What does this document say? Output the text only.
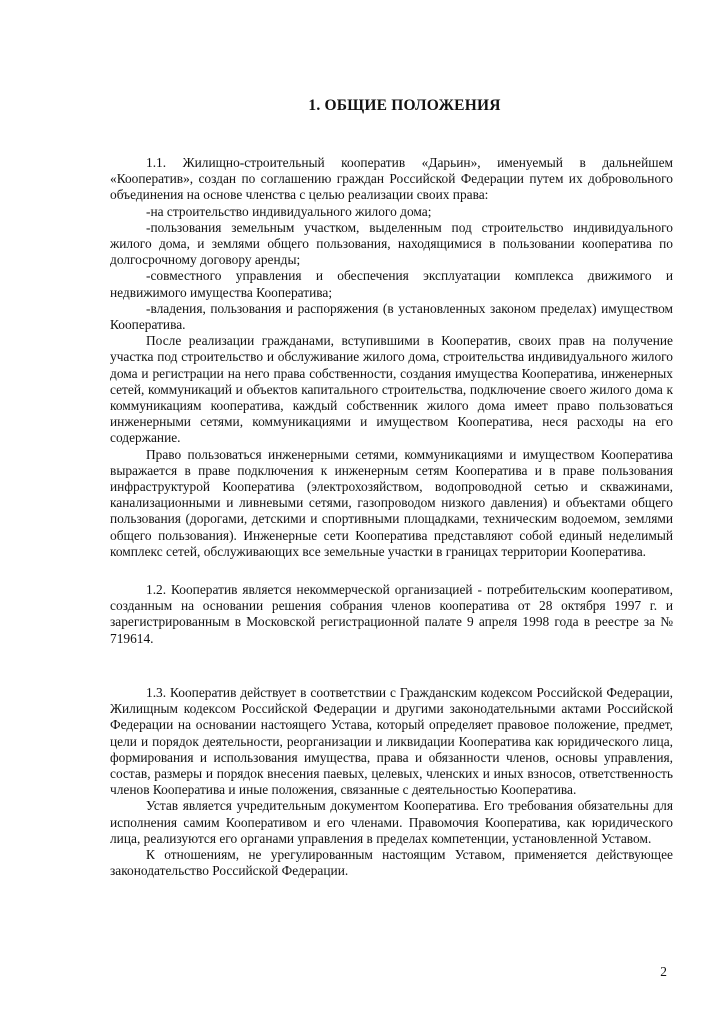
1. ОБЩИЕ ПОЛОЖЕНИЯ

1.1. Жилищно-строительный кооператив «Дарьин», именуемый в дальнейшем «Кооператив», создан по соглашению граждан Российской Федерации путем их добровольного объединения на основе членства с целью реализации своих права:

-на строительство индивидуального жилого дома;

-пользования земельным участком, выделенным под строительство индивидуального жилого дома, и землями общего пользования, находящимися в пользовании кооператива по долгосрочному договору аренды;

-совместного управления и обеспечения эксплуатации комплекса движимого и недвижимого имущества Кооператива;

-владения, пользования и распоряжения (в установленных законом пределах) имуществом Кооператива.

После реализации гражданами, вступившими в Кооператив, своих прав на получение участка под строительство и обслуживание жилого дома, строительства индивидуального жилого дома и регистрации на него права собственности, создания имущества Кооператива, инженерных сетей, коммуникаций и объектов капитального строительства, подключение своего жилого дома к коммуникациям кооператива, каждый собственник жилого дома имеет право пользоваться инженерными сетями, коммуникациями и имуществом Кооператива, неся расходы на его содержание.

Право пользоваться инженерными сетями, коммуникациями и имуществом Кооператива выражается в праве подключения к инженерным сетям Кооператива и в праве пользования инфраструктурой Кооператива (электрохозяйством, водопроводной сетью и скважинами, канализационными и ливневыми сетями, газопроводом низкого давления) и объектами общего пользования (дорогами, детскими и спортивными площадками, техническим водоемом, землями общего пользования). Инженерные сети Кооператива представляют собой единый неделимый комплекс сетей, обслуживающих все земельные участки в границах территории Кооператива.

1.2. Кооператив является некоммерческой организацией - потребительским кооперативом, созданным на основании решения собрания членов кооператива от 28 октября 1997 г. и зарегистрированным в Московской регистрационной палате 9 апреля 1998 года в реестре за № 719614.

1.3. Кооператив действует в соответствии с Гражданским кодексом Российской Федерации, Жилищным кодексом Российской Федерации и другими законодательными актами Российской Федерации на основании настоящего Устава, который определяет правовое положение, предмет, цели и порядок деятельности, реорганизации и ликвидации Кооператива как юридического лица, формирования и использования имущества, права и обязанности членов, основы управления, состав, размеры и порядок внесения паевых, целевых, членских и иных взносов, ответственность членов Кооператива и иные положения, связанные с деятельностью Кооператива.

Устав является учредительным документом Кооператива. Его требования обязательны для исполнения самим Кооперативом и его членами. Правомочия Кооператива, как юридического лица, реализуются его органами управления в пределах компетенции, установленной Уставом.

К отношениям, не урегулированным настоящим Уставом, применяется действующее законодательство Российской Федерации.

2
